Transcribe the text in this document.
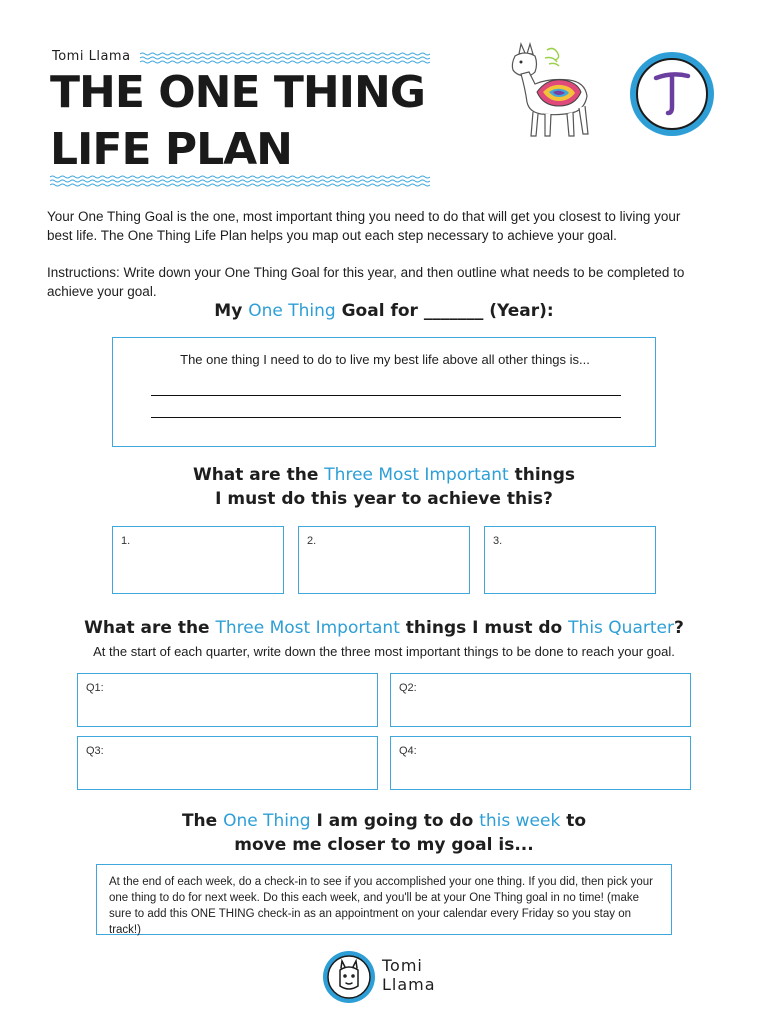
Tomi Llama
THE ONE THING
LIFE PLAN
Your One Thing Goal is the one, most important thing you need to do that will get you closest to living your best life. The One Thing Life Plan helps you map out each step necessary to achieve your goal.
Instructions: Write down your One Thing Goal for this year, and then outline what needs to be completed to achieve your goal.
My One Thing Goal for _______ (Year):
The one thing I need to do to live my best life above all other things is...
What are the Three Most Important things
I must do this year to achieve this?
1.	2.	3.
What are the Three Most Important things I must do This Quarter?
At the start of each quarter, write down the three most important things to be done to reach your goal.
Q1:	Q2:
Q3:	Q4:
The One Thing I am going to do this week to
move me closer to my goal is...
At the end of each week, do a check-in to see if you accomplished your one thing. If you did, then pick your one thing to do for next week. Do this each week, and you'll be at your One Thing goal in no time! (make sure to add this ONE THING check-in as an appointment on your calendar every Friday so you stay on track!)
Tomi
Llama
